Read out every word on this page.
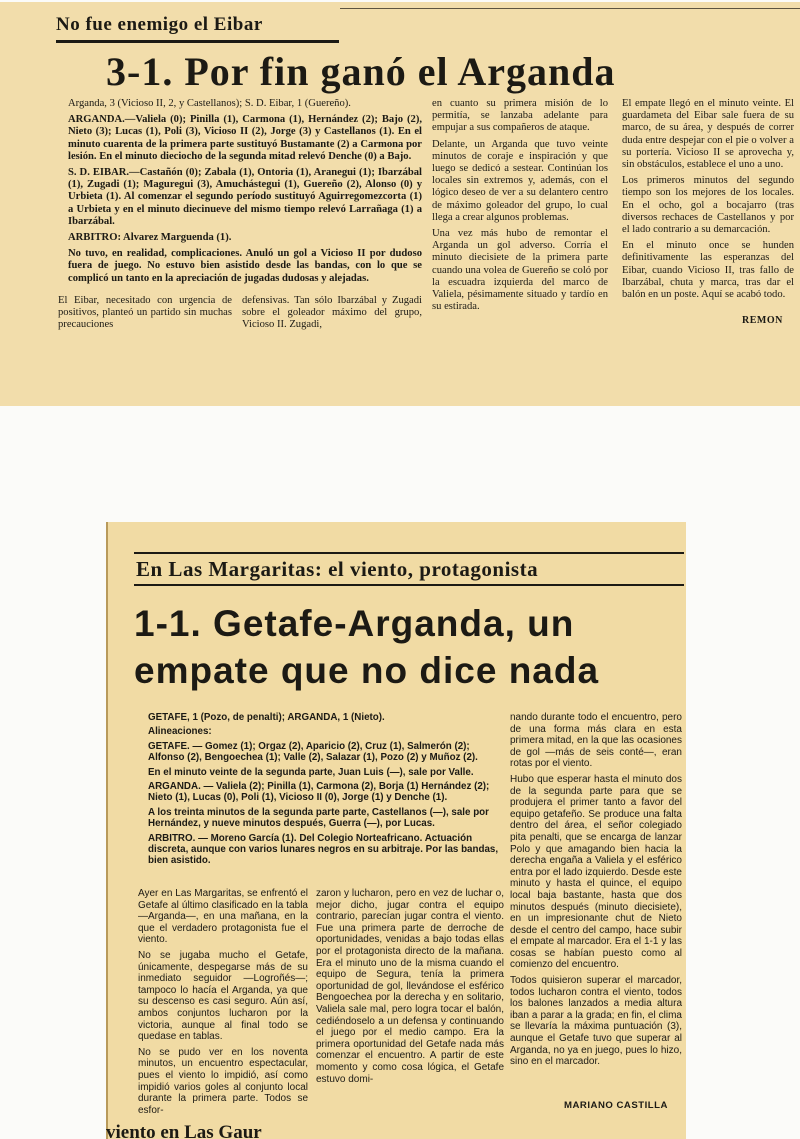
No fue enemigo el Eibar
3-1. Por fin ganó el Arganda

Arganda, 3 (Vicioso II, 2, y Castellanos); S. D. Eibar, 1 (Guereño).

ARGANDA.—Valiela (0); Pinilla (1), Carmona (1), Hernández (2); Bajo (2), Nieto (3); Lucas (1), Poli (3), Vicioso II (2), Jorge (3) y Castellanos (1). En el minuto cuarenta de la primera parte sustituyó Bustamante (2) a Carmona por lesión. En el minuto dieciocho de la segunda mitad relevó Denche (0) a Bajo.

S. D. EIBAR.—Castañón (0); Zabala (1), Ontoria (1), Aranegui (1); Ibarzábal (1), Zugadi (1); Maguregui (3), Amuchástegui (1), Guereño (2), Alonso (0) y Urbieta (1). Al comenzar el segundo período sustituyó Aguirregomezcorta (1) a Urbieta y en el minuto diecinueve del mismo tiempo relevó Larrañaga (1) a Ibarzábal.

ARBITRO: Alvarez Marguenda (1).

No tuvo, en realidad, complicaciones. Anuló un gol a Vicioso II por dudoso fuera de juego. No estuvo bien asistido desde las bandas, con lo que se complicó un tanto en la apreciación de jugadas dudosas y alejadas.

en cuanto su primera misión de lo permitía, se lanzaba adelante para empujar a sus compañeros de ataque.

Delante, un Arganda que tuvo veinte minutos de coraje e inspiración y que luego se dedicó a sestear. Continúan los locales sin extremos y, además, con el lógico deseo de ver a su delantero centro de máximo goleador del grupo, lo cual llega a crear algunos problemas.

Una vez más hubo de remontar el Arganda un gol adverso. Corría el minuto diecisiete de la primera parte cuando una volea de Guereño se coló por la escuadra izquierda del marco de Valiela, pésimamente situado y tardío en su estirada.

El empate llegó en el minuto veinte. El guardameta del Eibar sale fuera de su marco, de su área, y después de correr duda entre despejar con el pie o volver a su portería. Vicioso II se aprovecha y, sin obstáculos, establece el uno a uno.

Los primeros minutos del segundo tiempo son los mejores de los locales. En el ocho, gol a bocajarro (tras diversos rechaces de Castellanos y por el lado contrario a su demarcación.

En el minuto once se hunden definitivamente las esperanzas del Eibar, cuando Vicioso II, tras fallo de Ibarzábal, chuta y marca, tras dar el balón en un poste. Aquí se acabó todo.

El Eibar, necesitado con urgencia de positivos, planteó un partido sin muchas precauciones

defensivas. Tan sólo Ibarzábal y Zugadi sobre el goleador máximo del grupo, Vicioso II. Zugadi,	REMON
En Las Margaritas: el viento, protagonista
1-1. Getafe-Arganda, un
empate que no dice nada

GETAFE, 1 (Pozo, de penalti); ARGANDA, 1 (Nieto).

Alineaciones:

GETAFE. — Gomez (1); Orgaz (2), Aparicio (2), Cruz (1), Salmerón (2); Alfonso (2), Bengoechea (1); Valle (2), Salazar (1), Pozo (2) y Muñoz (2).

En el minuto veinte de la segunda parte, Juan Luis (—), sale por Valle.

ARGANDA. — Valiela (2); Pinilla (1), Carmona (2), Borja (1) Hernández (2); Nieto (1), Lucas (0), Poli (1), Vicioso II (0), Jorge (1) y Denche (1).

A los treinta minutos de la segunda parte parte, Castellanos (—), sale por Hernández, y nueve minutos después, Guerra (—), por Lucas.

ARBITRO. — Moreno García (1). Del Colegio Norteafricano. Actuación discreta, aunque con varios lunares negros en su arbitraje. Por las bandas, bien asistido.

Ayer en Las Margaritas, se enfrentó el Getafe al último clasificado en la tabla —Arganda—, en una mañana, en la que el verdadero protagonista fue el viento.

No se jugaba mucho el Getafe, únicamente, despegarse más de su inmediato seguidor —Logroñés—; tampoco lo hacía el Arganda, ya que su descenso es casi seguro. Aún así, ambos conjuntos lucharon por la victoria, aunque al final todo se quedase en tablas.

No se pudo ver en los noventa minutos, un encuentro espectacular, pues el viento lo impidió, así como impidió varios goles al conjunto local durante la primera parte. Todos se esfor-

zaron y lucharon, pero en vez de luchar o, mejor dicho, jugar contra el equipo contrario, parecían jugar contra el viento. Fue una primera parte de derroche de oportunidades, venidas a bajo todas ellas por el protagonista directo de la mañana. Era el minuto uno de la misma cuando el equipo de Segura, tenía la primera oportunidad de gol, llevándose el esférico Bengoechea por la derecha y en solitario, Valiela sale mal, pero logra tocar el balón, cediéndoselo a un defensa y continuando el juego por el medio campo. Era la primera oportunidad del Getafe nada más comenzar el encuentro. A partir de este momento y como cosa lógica, el Getafe estuvo domi-

nando durante todo el encuentro, pero de una forma más clara en esta primera mitad, en la que las ocasiones de gol —más de seis conté—, eran rotas por el viento.

Hubo que esperar hasta el minuto dos de la segunda parte para que se produjera el primer tanto a favor del equipo getafeño. Se produce una falta dentro del área, el señor colegiado pita penalti, que se encarga de lanzar Polo y que amagando bien hacia la derecha engaña a Valiela y el esférico entra por el lado izquierdo. Desde este minuto y hasta el quince, el equipo local baja bastante, hasta que dos minutos después (minuto diecisiete), en un impresionante chut de Nieto desde el centro del campo, hace subir el empate al marcador. Era el 1-1 y las cosas se habían puesto como al comienzo del encuentro.

Todos quisieron superar el marcador, todos lucharon contra el viento, todos los balones lanzados a media altura iban a parar a la grada; en fin, el clima se llevaría la máxima puntuación (3), aunque el Getafe tuvo que superar al Arganda, no ya en juego, pues lo hizo, sino en el marcador.

MARIANO CASTILLA
viento en Las Gaur
